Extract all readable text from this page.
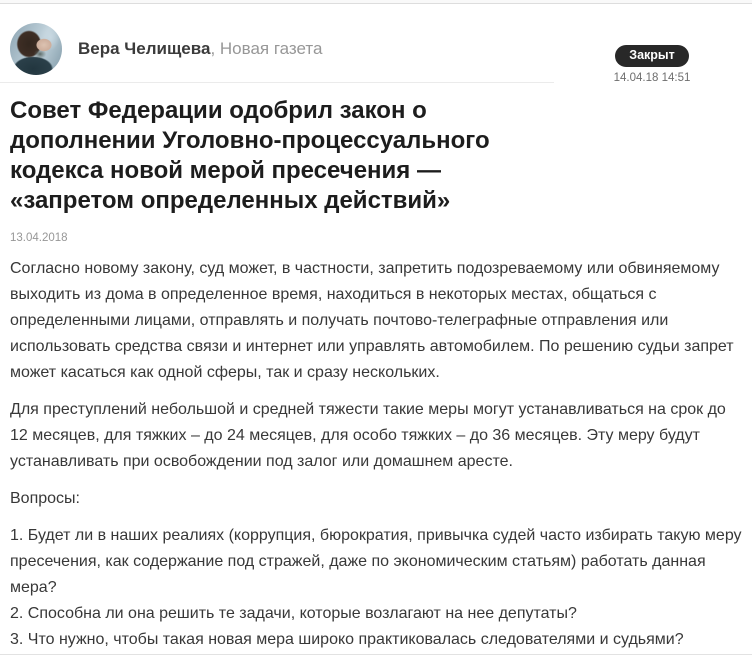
Вера Челищева, Новая газета	Закрыт
14.04.18 14:51
Совет Федерации одобрил закон о дополнении Уголовно-процессуального кодекса новой мерой пресечения — «запретом определенных действий»
13.04.2018

Согласно новому закону, суд может, в частности, запретить подозреваемому или обвиняемому выходить из дома в определенное время, находиться в некоторых местах, общаться с определенными лицами, отправлять и получать почтово-телеграфные отправления или использовать средства связи и интернет или управлять автомобилем. По решению судьи запрет может касаться как одной сферы, так и сразу нескольких.

Для преступлений небольшой и средней тяжести такие меры могут устанавливаться на срок до 12 месяцев, для тяжких – до 24 месяцев, для особо тяжких – до 36 месяцев. Эту меру будут устанавливать при освобождении под залог или домашнем аресте.

Вопросы:

1. Будет ли в наших реалиях (коррупция, бюрократия, привычка судей часто избирать такую меру пресечения, как содержание под стражей, даже по экономическим статьям) работать данная мера?
2. Способна ли она решить те задачи, которые возлагают на нее депутаты?
3. Что нужно, чтобы такая новая мера широко практиковалась следователями и судьями?
